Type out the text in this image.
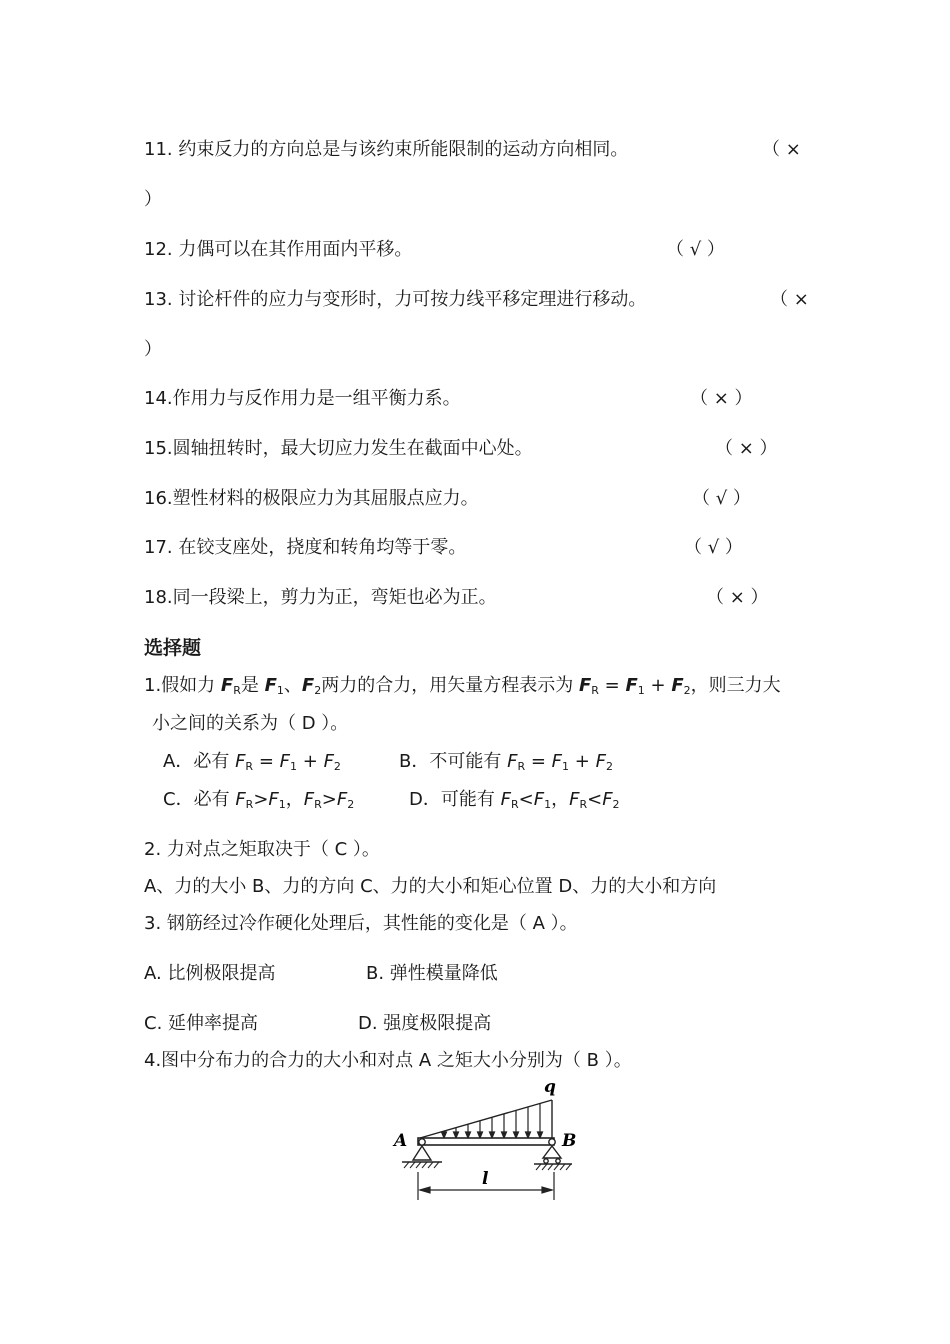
11. 约束反力的方向总是与该约束所能限制的运动方向相同。	（ ×
）
12. 力偶可以在其作用面内平移。	（ √ ）
13. 讨论杆件的应力与变形时，力可按力线平移定理进行移动。	（ ×
）
14.作用力与反作用力是一组平衡力系。	（ × ）
15.圆轴扭转时，最大切应力发生在截面中心处。	（ × ）
16.塑性材料的极限应力为其屈服点应力。	（ √ ）
17. 在铰支座处，挠度和转角均等于零。	（ √ ）
18.同一段梁上，剪力为正，弯矩也必为正。	（ × ）
选择题
1.假如力 $F_R$是 $F_1$、$F_2$两力的合力，用矢量方程表示为 $F_R = F_1 + F_2$，则三力大
小之间的关系为（ D ）。
A．必有 $F_R = F_1 + F_2$	B．不可能有 $F_R = F_1 + F_2$
C．必有 $F_R>F_1$，$F_R>F_2$	D．可能有 $F_R<F_1$，$F_R<F_2$
2. 力对点之矩取决于（ C ）。
A、力的大小 B、力的方向 C、力的大小和矩心位置 D、力的大小和方向
3. 钢筋经过冷作硬化处理后，其性能的变化是（ A ）。
A. 比例极限提高	B. 弹性模量降低
C. 延伸率提高	D. 强度极限提高
4.图中分布力的合力的大小和对点 A 之矩大小分别为（ B ）。
q
A	B
l
